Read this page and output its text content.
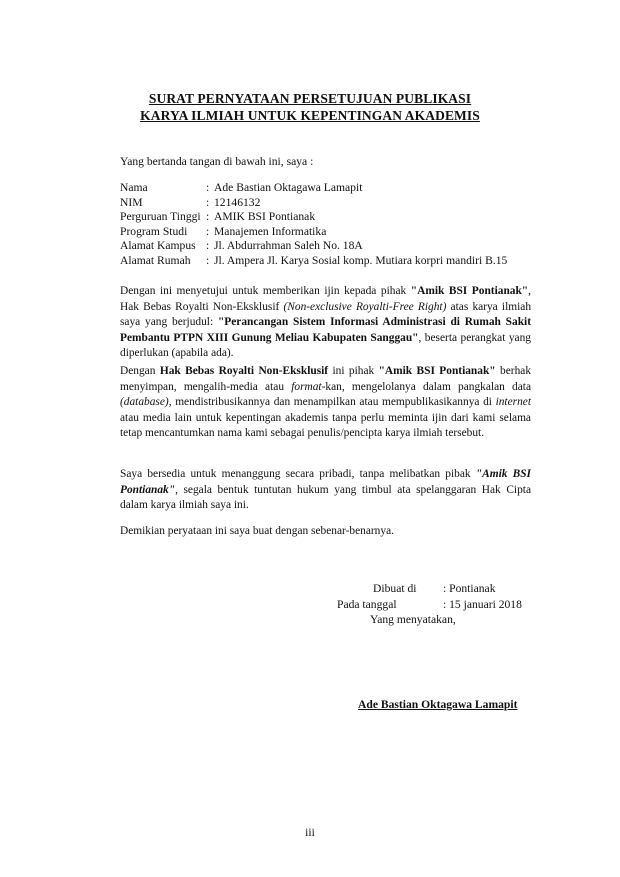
SURAT PERNYATAAN PERSETUJUAN PUBLIKASI
KARYA ILMIAH UNTUK KEPENTINGAN AKADEMIS
Yang bertanda tangan di bawah ini, saya :
Nama	: Ade Bastian Oktagawa Lamapit
NIM	: 12146132
Perguruan Tinggi : AMIK BSI Pontianak
Program Studi	: Manajemen Informatika
Alamat Kampus : Jl. Abdurrahman Saleh No. 18A
Alamat Rumah	: Jl. Ampera Jl. Karya Sosial komp. Mutiara korpri mandiri B.15
Dengan ini menyetujui untuk memberikan ijin kepada pihak "Amik BSI Pontianak", Hak Bebas Royalti Non-Eksklusif (Non-exclusive Royalti-Free Right) atas karya ilmiah saya yang berjudul: "Perancangan Sistem Informasi Administrasi di Rumah Sakit Pembantu PTPN XIII Gunung Meliau Kabupaten Sanggau", beserta perangkat yang diperlukan (apabila ada).
Dengan Hak Bebas Royalti Non-Eksklusif ini pihak "Amik BSI Pontianak" berhak menyimpan, mengalih-media atau format-kan, mengelolanya dalam pangkalan data (database), mendistribusikannya dan menampilkan atau mempublikasikannya di internet atau media lain untuk kepentingan akademis tanpa perlu meminta ijin dari kami selama tetap mencantumkan nama kami sebagai penulis/pencipta karya ilmiah tersebut.
Saya bersedia untuk menanggung secara pribadi, tanpa melibatkan pibak "Amik BSI Pontianak", segala bentuk tuntutan hukum yang timbul ata spelanggaran Hak Cipta dalam karya ilmiah saya ini.
Demikian peryataan ini saya buat dengan sebenar-benarnya.
Dibuat di : Pontianak
Pada tanggal	: 15 januari 2018
Yang menyatakan,
Ade Bastian Oktagawa Lamapit
iii
